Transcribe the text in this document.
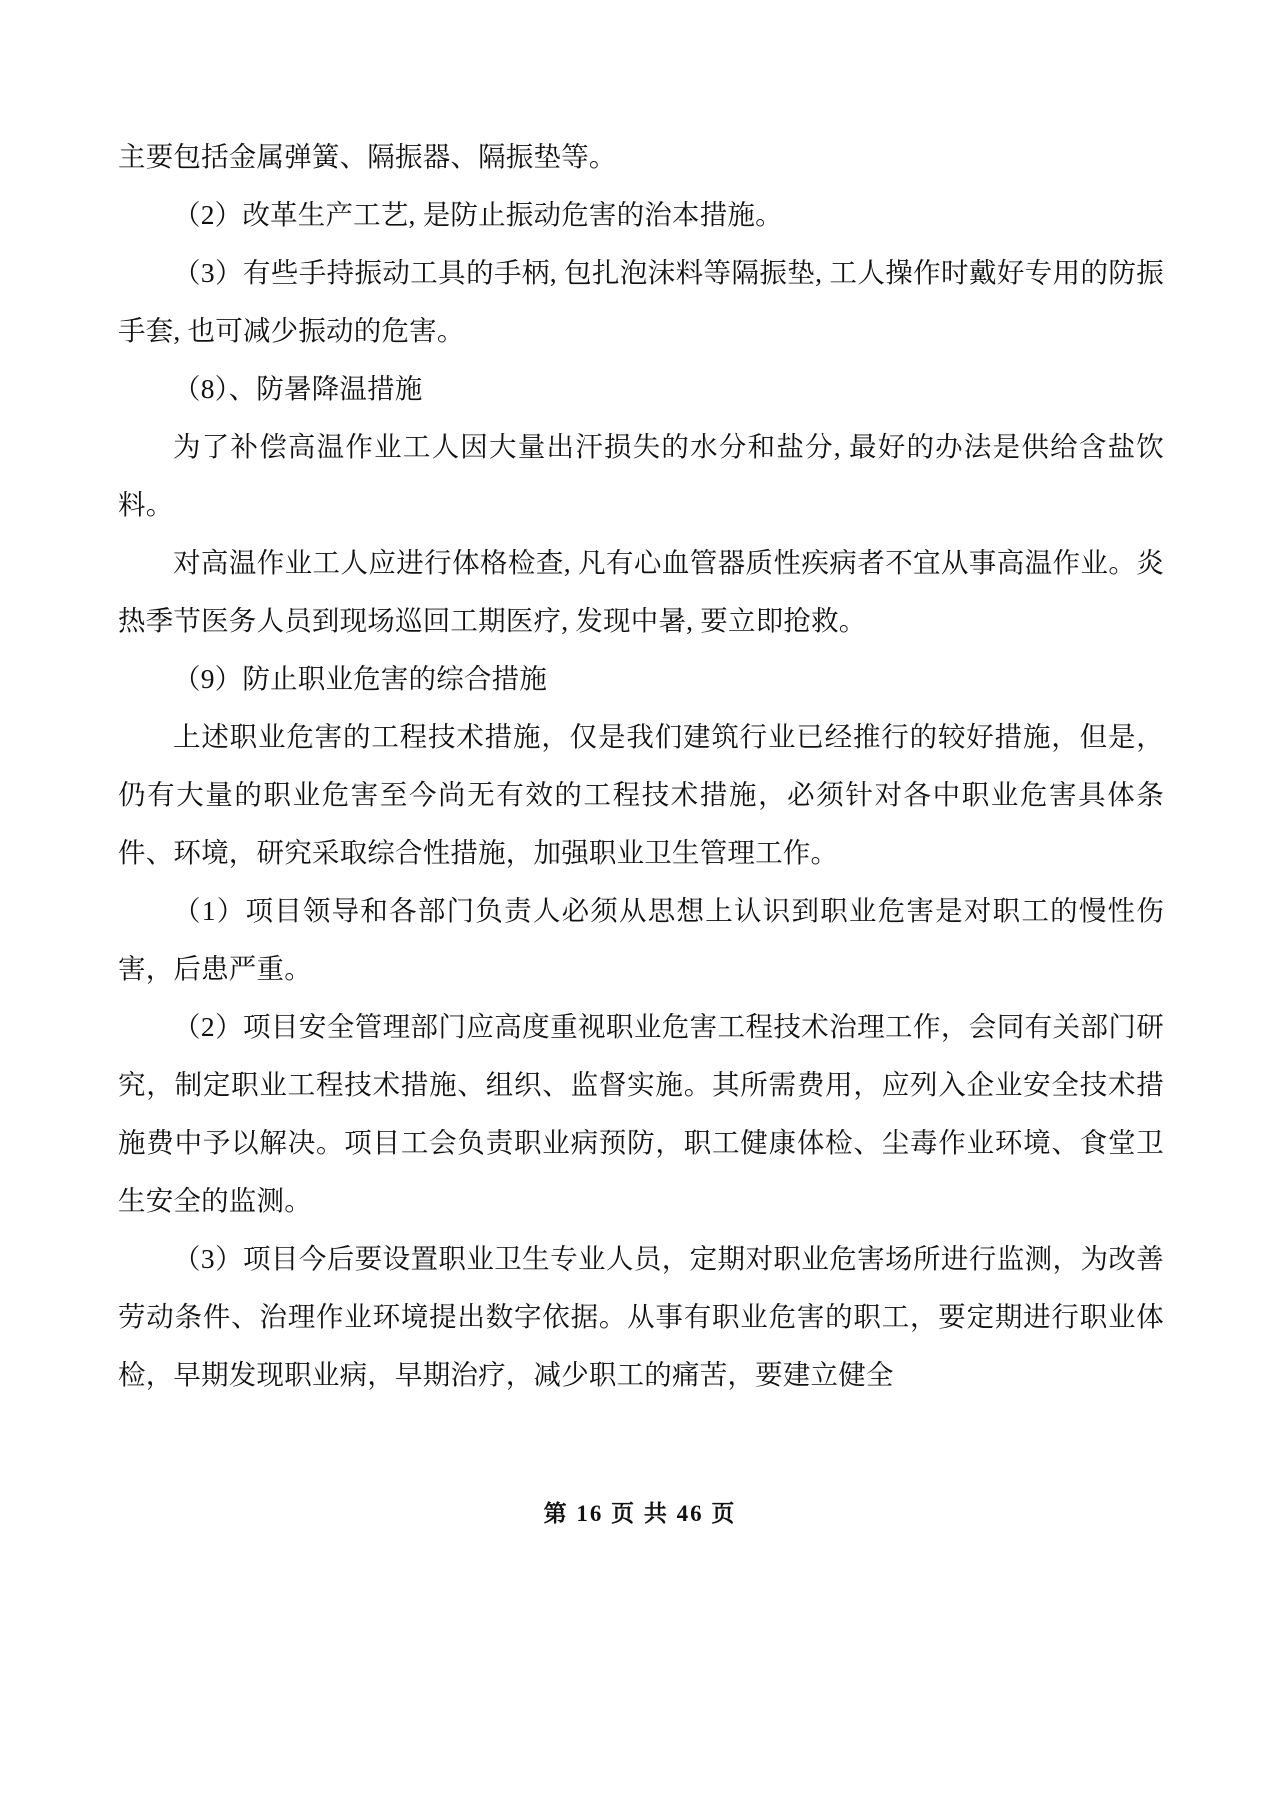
主要包括金属弹簧、隔振器、隔振垫等。

（2）改革生产工艺, 是防止振动危害的治本措施。

（3）有些手持振动工具的手柄, 包扎泡沫料等隔振垫, 工人操作时戴好专用的防振手套, 也可减少振动的危害。

（8）、防暑降温措施

为了补偿高温作业工人因大量出汗损失的水分和盐分, 最好的办法是供给含盐饮料。

对高温作业工人应进行体格检查, 凡有心血管器质性疾病者不宜从事高温作业。炎热季节医务人员到现场巡回工期医疗, 发现中暑, 要立即抢救。

（9）防止职业危害的综合措施

上述职业危害的工程技术措施，仅是我们建筑行业已经推行的较好措施，但是，仍有大量的职业危害至今尚无有效的工程技术措施，必须针对各中职业危害具体条件、环境，研究采取综合性措施，加强职业卫生管理工作。

（1）项目领导和各部门负责人必须从思想上认识到职业危害是对职工的慢性伤害，后患严重。

（2）项目安全管理部门应高度重视职业危害工程技术治理工作，会同有关部门研究，制定职业工程技术措施、组织、监督实施。其所需费用，应列入企业安全技术措施费中予以解决。项目工会负责职业病预防，职工健康体检、尘毒作业环境、食堂卫生安全的监测。

（3）项目今后要设置职业卫生专业人员，定期对职业危害场所进行监测，为改善劳动条件、治理作业环境提出数字依据。从事有职业危害的职工，要定期进行职业体检，早期发现职业病，早期治疗，减少职工的痛苦，要建立健全

第 16 页 共 46 页
